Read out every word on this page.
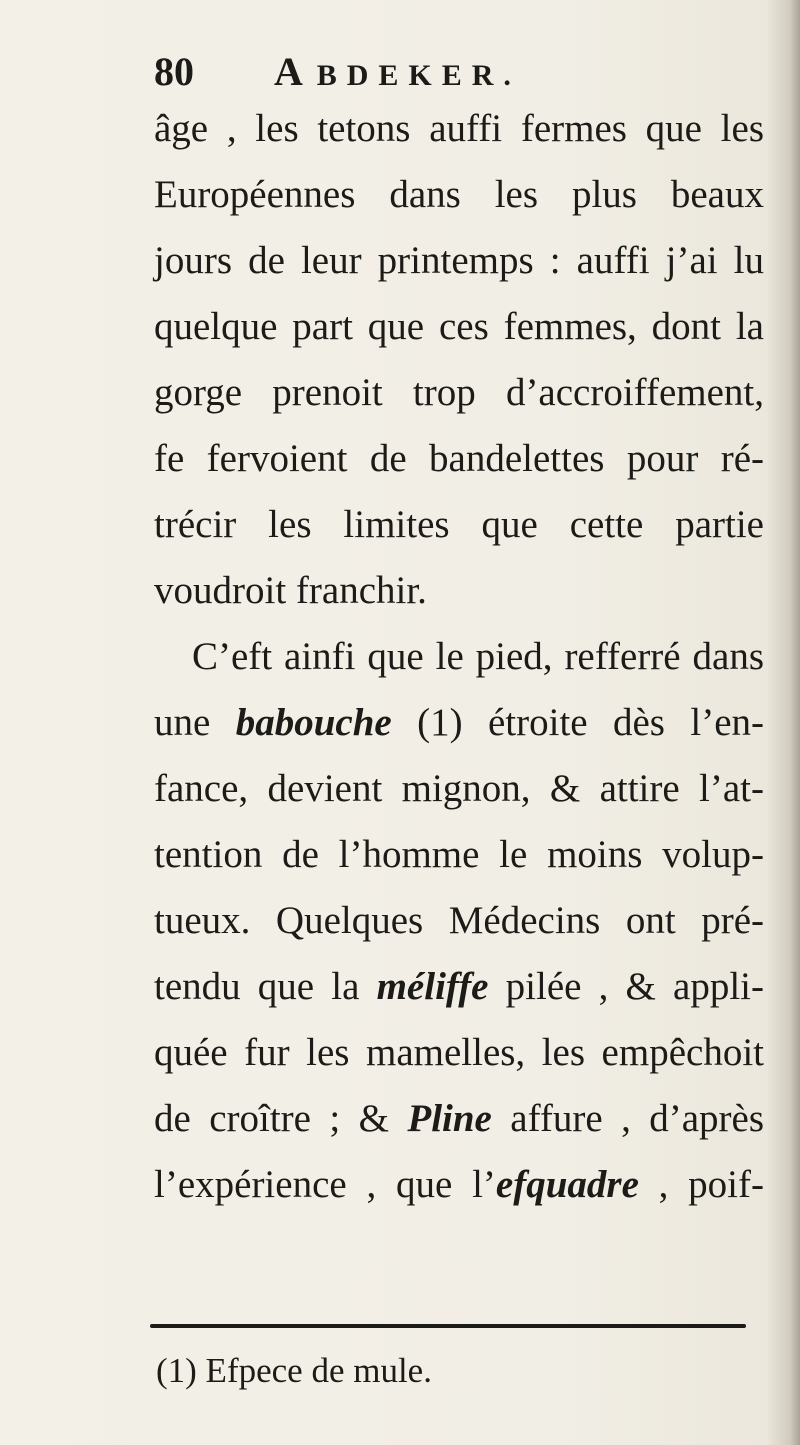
80 A BDEKER.
âge , les tetons auffi fermes que les
Européennes dans les plus beaux
jours de leur printemps : auffi j’ai lu
quelque part que ces femmes, dont la
gorge prenoit trop d’accroiffement,
fe fervoient de bandelettes pour ré-
trécir les limites que cette partie
voudroit franchir.
C’eft ainfi que le pied, refferré dans
une babouche (1) étroite dès l’en-
fance, devient mignon, & attire l’at-
tention de l’homme le moins volup-
tueux. Quelques Médecins ont pré-
tendu que la méliffe pilée , & appli-
quée fur les mamelles, les empêchoit
de croître ; & Pline affure , d’après
l’expérience , que l’efquadre , poif-
(1) Efpece de mule.
